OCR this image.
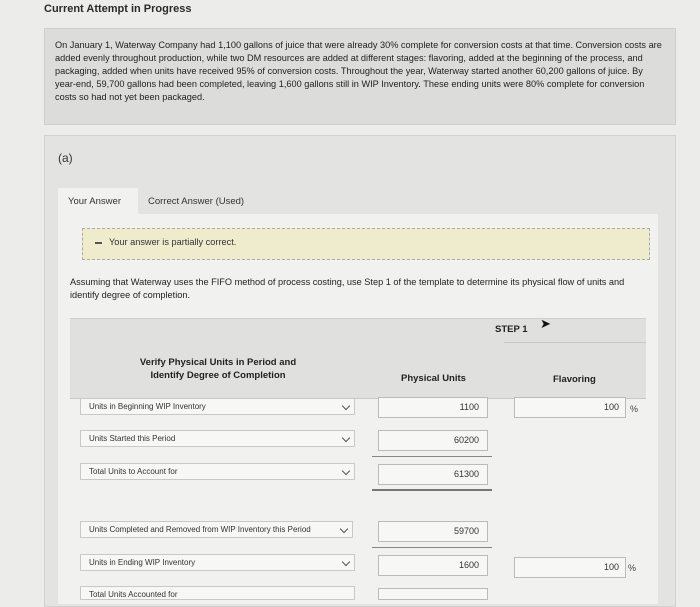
Current Attempt in Progress
On January 1, Waterway Company had 1,100 gallons of juice that were already 30% complete for conversion costs at that time. Conversion costs are added evenly throughout production, while two DM resources are added at different stages: flavoring, added at the beginning of the process, and packaging, added when units have received 95% of conversion costs. Throughout the year, Waterway started another 60,200 gallons of juice. By year-end, 59,700 gallons had been completed, leaving 1,600 gallons still in WIP Inventory. These ending units were 80% complete for conversion costs so had not yet been packaged.
(a)
Your Answer	Correct Answer (Used)
Your answer is partially correct.
Assuming that Waterway uses the FIFO method of process costing, use Step 1 of the template to determine its physical flow of units and identify degree of completion.
STEP 1 ➤
Verify Physical Units in Period and Identify Degree of Completion	Physical Units	Flavoring
Units in Beginning WIP Inventory	1100	100	%
Units Started this Period	60200
Total Units to Account for	61300
Units Completed and Removed from WIP Inventory this Period	59700
Units in Ending WIP Inventory	1600	100	%
Total Units Accounted for
